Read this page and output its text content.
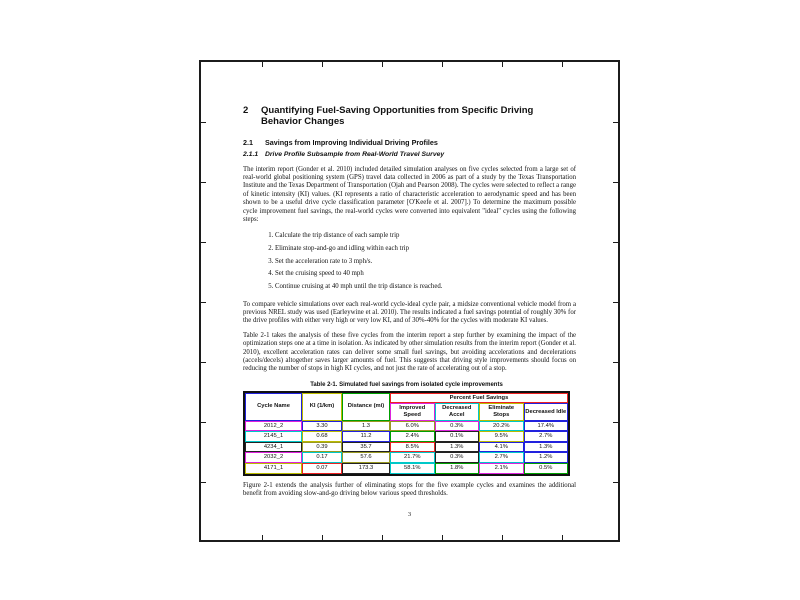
2	Quantifying Fuel-Saving Opportunities from Specific Driving Behavior Changes
2.1	Savings from Improving Individual Driving Profiles
2.1.1	Drive Profile Subsample from Real-World Travel Survey

The interim report (Gonder et al. 2010) included detailed simulation analyses on five cycles selected from a large set of real-world global positioning system (GPS) travel data collected in 2006 as part of a study by the Texas Transportation Institute and the Texas Department of Transportation (Ojah and Pearson 2008). The cycles were selected to reflect a range of kinetic intensity (KI) values. (KI represents a ratio of characteristic acceleration to aerodynamic speed and has been shown to be a useful drive cycle classification parameter [O'Keefe et al. 2007].) To determine the maximum possible cycle improvement fuel savings, the real-world cycles were converted into equivalent "ideal" cycles using the following steps:

1. Calculate the trip distance of each sample trip
2. Eliminate stop-and-go and idling within each trip
3. Set the acceleration rate to 3 mph/s.
4. Set the cruising speed to 40 mph
5. Continue cruising at 40 mph until the trip distance is reached.

To compare vehicle simulations over each real-world cycle-ideal cycle pair, a midsize conventional vehicle model from a previous NREL study was used (Earleywine et al. 2010). The results indicated a fuel savings potential of roughly 30% for the drive profiles with either very high or very low KI, and of 30%-40% for the cycles with moderate KI values.

Table 2-1 takes the analysis of these five cycles from the interim report a step further by examining the impact of the optimization steps one at a time in isolation. As indicated by other simulation results from the interim report (Gonder et al. 2010), excellent acceleration rates can deliver some small fuel savings, but avoiding accelerations and decelerations (accels/decels) altogether saves larger amounts of fuel. This suggests that driving style improvements should focus on reducing the number of stops in high KI cycles, and not just the rate of accelerating out of a stop.

Table 2-1. Simulated fuel savings from isolated cycle improvements
Cycle Name	KI (1/km)	Distance (mi)	Percent Fuel Savings			
			Improved Speed	Decreased Accel	Eliminate Stops	Decreased Idle
2012_2	3.30	1.3	6.0%	0.3%	20.2%	17.4%
2145_1	0.68	11.2	2.4%	0.1%	9.5%	2.7%
4234_1	0.39	35.7	8.5%	1.3%	4.1%	1.3%
2032_2	0.17	57.6	21.7%	0.3%	2.7%	1.2%
4171_1	0.07	173.3	58.1%	1.8%	2.1%	0.5%

Figure 2-1 extends the analysis further of eliminating stops for the five example cycles and examines the additional benefit from avoiding slow-and-go driving below various speed thresholds.

3
